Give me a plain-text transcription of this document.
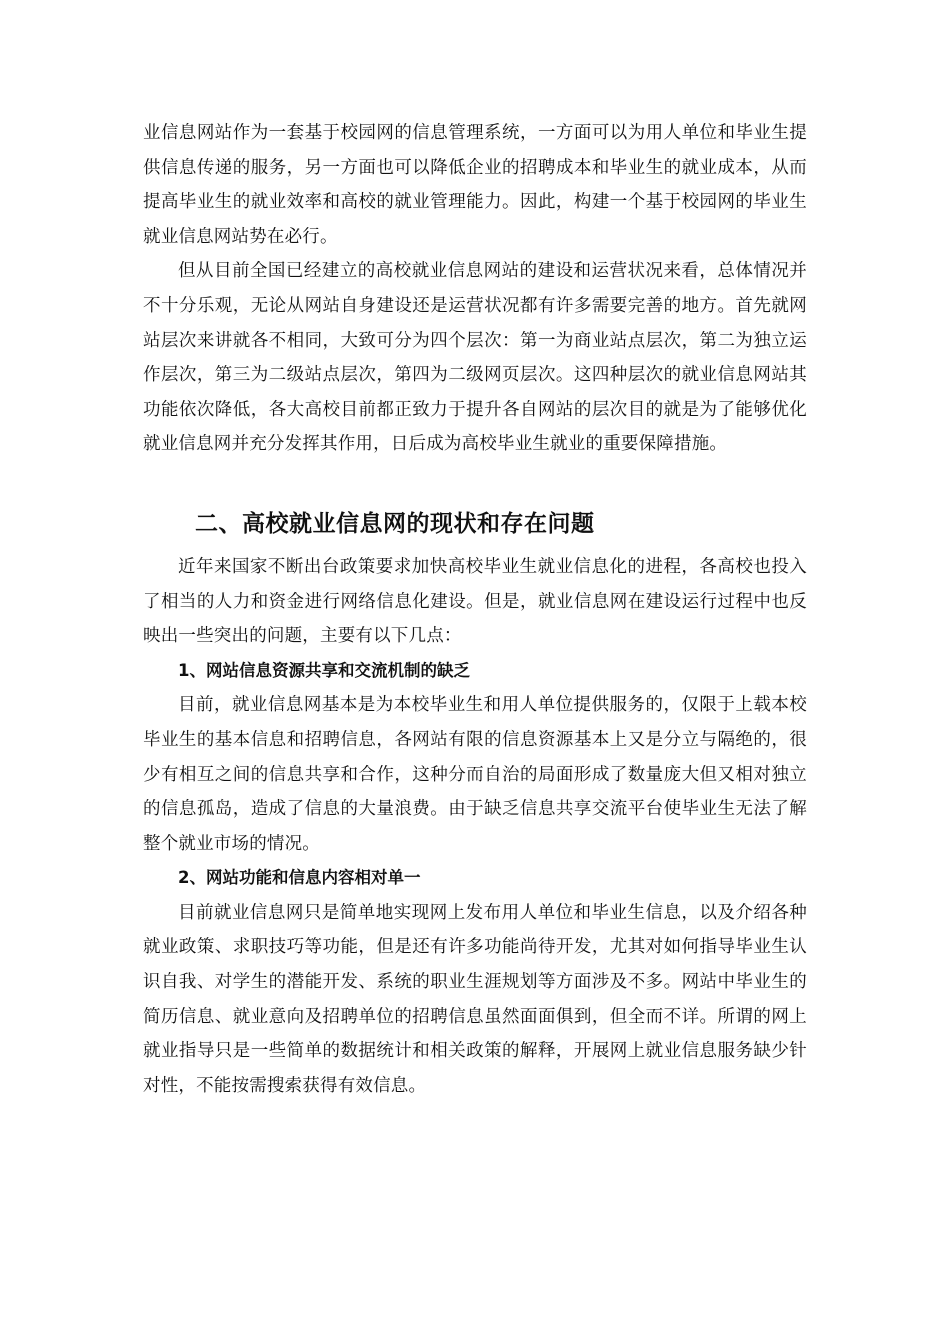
业信息网站作为一套基于校园网的信息管理系统，一方面可以为用人单位和毕业生提供信息传递的服务，另一方面也可以降低企业的招聘成本和毕业生的就业成本，从而提高毕业生的就业效率和高校的就业管理能力。因此，构建一个基于校园网的毕业生就业信息网站势在必行。

但从目前全国已经建立的高校就业信息网站的建设和运营状况来看，总体情况并不十分乐观，无论从网站自身建设还是运营状况都有许多需要完善的地方。首先就网站层次来讲就各不相同，大致可分为四个层次：第一为商业站点层次，第二为独立运作层次，第三为二级站点层次，第四为二级网页层次。这四种层次的就业信息网站其功能依次降低，各大高校目前都正致力于提升各自网站的层次目的就是为了能够优化就业信息网并充分发挥其作用，日后成为高校毕业生就业的重要保障措施。

二、高校就业信息网的现状和存在问题

近年来国家不断出台政策要求加快高校毕业生就业信息化的进程，各高校也投入了相当的人力和资金进行网络信息化建设。但是，就业信息网在建设运行过程中也反映出一些突出的问题，主要有以下几点：

1、网站信息资源共享和交流机制的缺乏

目前，就业信息网基本是为本校毕业生和用人单位提供服务的，仅限于上载本校毕业生的基本信息和招聘信息，各网站有限的信息资源基本上又是分立与隔绝的，很少有相互之间的信息共享和合作，这种分而自治的局面形成了数量庞大但又相对独立的信息孤岛，造成了信息的大量浪费。由于缺乏信息共享交流平台使毕业生无法了解整个就业市场的情况。

2、网站功能和信息内容相对单一

目前就业信息网只是简单地实现网上发布用人单位和毕业生信息，以及介绍各种就业政策、求职技巧等功能，但是还有许多功能尚待开发，尤其对如何指导毕业生认识自我、对学生的潜能开发、系统的职业生涯规划等方面涉及不多。网站中毕业生的简历信息、就业意向及招聘单位的招聘信息虽然面面俱到，但全而不详。所谓的网上就业指导只是一些简单的数据统计和相关政策的解释，开展网上就业信息服务缺少针对性，不能按需搜索获得有效信息。
